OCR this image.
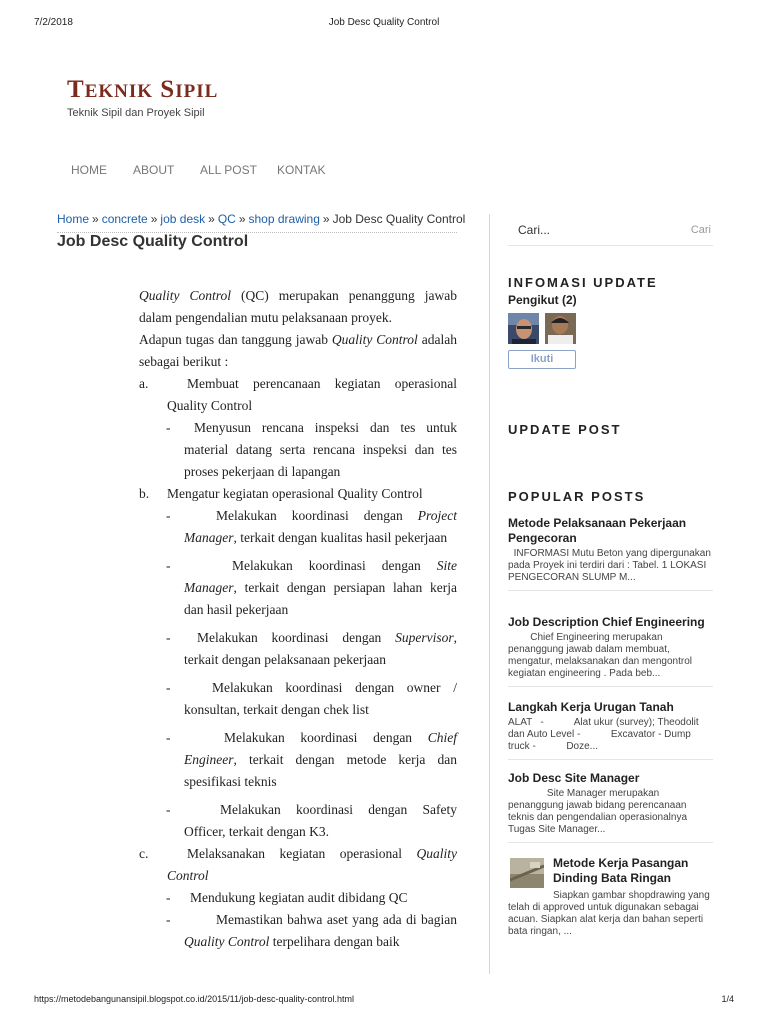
7/2/2018	Job Desc Quality Control
TEKNIK SIPIL
Teknik Sipil dan Proyek Sipil
HOME ABOUT ALL POST KONTAK
Home » concrete » job desk » QC » shop drawing » Job Desc Quality Control
Job Desc Quality Control

Quality Control (QC) merupakan penanggung jawab dalam pengendalian mutu pelaksanaan proyek.

Adapun tugas dan tanggung jawab Quality Control adalah sebagai berikut :

a.	Membuat perencanaan kegiatan operasional Quality Control
- Menyusun rencana inspeksi dan tes untuk material datang serta rencana inspeksi dan tes proses pekerjaan di lapangan
b. Mengatur kegiatan operasional Quality Control
-	Melakukan koordinasi dengan Project Manager, terkait dengan kualitas hasil pekerjaan
-	Melakukan koordinasi dengan Site Manager, terkait dengan persiapan lahan kerja dan hasil pekerjaan
- Melakukan koordinasi dengan Supervisor, terkait dengan pelaksanaan pekerjaan
-	Melakukan koordinasi dengan owner / konsultan, terkait dengan chek list
-	Melakukan koordinasi dengan Chief Engineer, terkait dengan metode kerja dan spesifikasi teknis
-	Melakukan koordinasi dengan Safety Officer, terkait dengan K3.
c.	Melaksanakan kegiatan operasional Quality Control
- Mendukung kegiatan audit dibidang QC
-	Memastikan bahwa aset yang ada di bagian Quality Control terpelihara dengan baik
Cari...
Cari
INFOMASI UPDATE
Pengikut (2)
Ikuti
UPDATE POST
POPULAR POSTS
Metode Pelaksanaan Pekerjaan Pengecoran
INFORMASI Mutu Beton yang dipergunakan pada Proyek ini terdiri dari : Tabel. 1 LOKASI PENGECORAN SLUMP M...
Job Description Chief Engineering
Chief Engineering merupakan penanggung jawab dalam membuat, mengatur, melaksanakan dan mengontrol kegiatan engineering . Pada beb...
Langkah Kerja Urugan Tanah
ALAT   -           Alat ukur (survey); Theodolit dan Auto Level -           Excavator - Dump truck -           Doze...
Job Desc Site Manager
Site Manager merupakan penanggung jawab bidang perencanaan teknis dan pengendalian operasionalnya         Tugas Site Manager...
Metode Kerja Pasangan Dinding Bata Ringan
Siapkan gambar shopdrawing yang telah di approved untuk digunakan sebagai acuan. Siapkan alat kerja dan bahan seperti bata ringan, ...
https://metodebangunansipil.blogspot.co.id/2015/11/job-desc-quality-control.html	1/4
